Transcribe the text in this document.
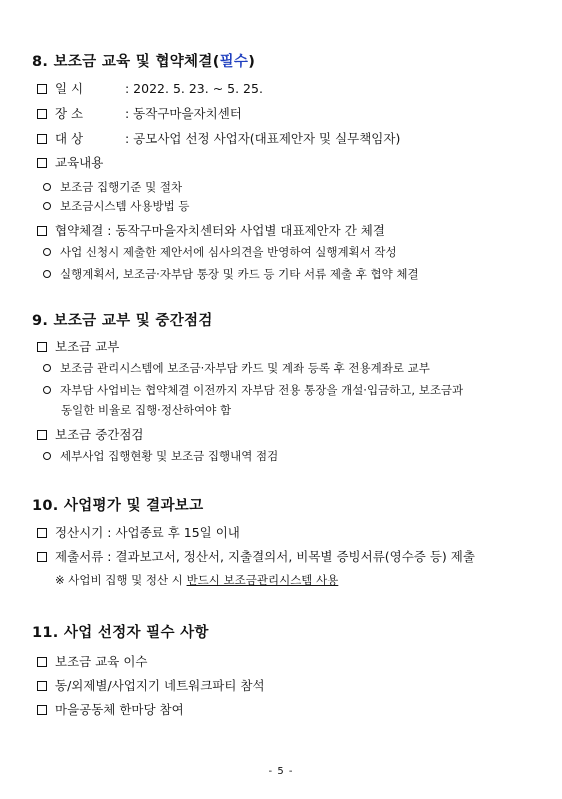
8. 보조금 교육 및 협약체결(필수)
일 시	: 2022. 5. 23. ~ 5. 25.
장 소	: 동작구마을자치센터
대 상	: 공모사업 선정 사업자(대표제안자 및 실무책임자)
교육내용
보조금 집행기준 및 절차
보조금시스템 사용방법 등
협약체결 : 동작구마을자치센터와 사업별 대표제안자 간 체결
사업 신청시 제출한 제안서에 심사의견을 반영하여 실행계획서 작성
실행계획서, 보조금·자부담 통장 및 카드 등 기타 서류 제출 후 협약 체결
9. 보조금 교부 및 중간점검
보조금 교부
보조금 관리시스템에 보조금·자부담 카드 및 계좌 등록 후 전용계좌로 교부
자부담 사업비는 협약체결 이전까지 자부담 전용 통장을 개설·입금하고, 보조금과
동일한 비율로 집행·정산하여야 함
보조금 중간점검
세부사업 집행현황 및 보조금 집행내역 점검
10. 사업평가 및 결과보고
정산시기 : 사업종료 후 15일 이내
제출서류 : 결과보고서, 정산서, 지출결의서, 비목별 증빙서류(영수증 등) 제출
※ 사업비 집행 및 정산 시 반드시 보조금관리시스템 사용
11. 사업 선정자 필수 사항
보조금 교육 이수
동/외제별/사업지기 네트워크파티 참석
마을공동체 한마당 참여
- 5 -
